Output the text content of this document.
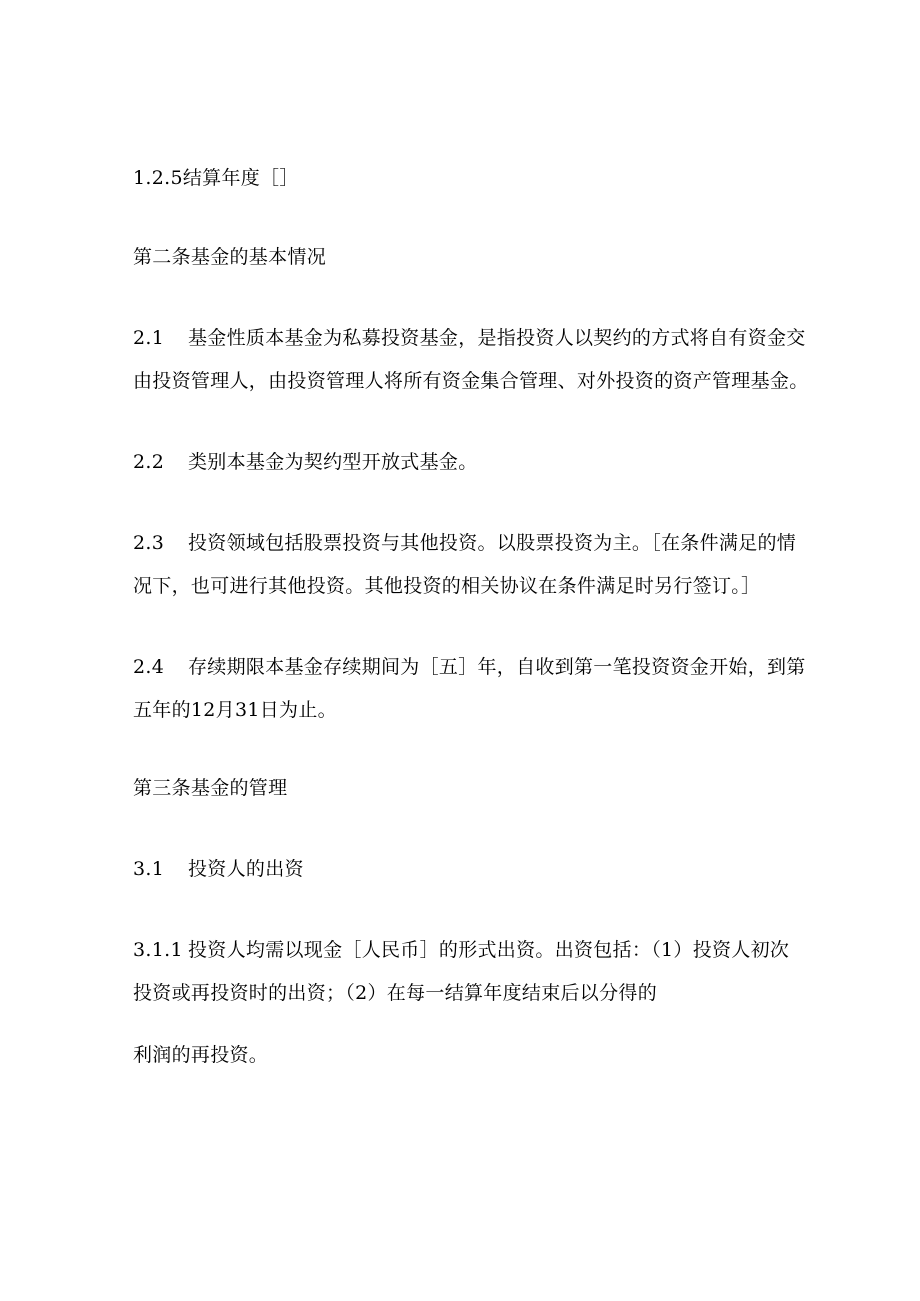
1.2.5结算年度［］
第二条基金的基本情况
2.1 基金性质本基金为私募投资基金，是指投资人以契约的方式将自有资金交
由投资管理人，由投资管理人将所有资金集合管理、对外投资的资产管理基金。
2.2 类别本基金为契约型开放式基金。
2.3 投资领域包括股票投资与其他投资。以股票投资为主。［在条件满足的情
况下，也可进行其他投资。其他投资的相关协议在条件满足时另行签订。］
2.4 存续期限本基金存续期间为［五］年，自收到第一笔投资资金开始，到第
五年的12月31日为止。
第三条基金的管理
3.1 投资人的出资
3.1.1 投资人均需以现金［人民币］的形式出资。出资包括：（1）投资人初次
投资或再投资时的出资；（2）在每一结算年度结束后以分得的
利润的再投资。
